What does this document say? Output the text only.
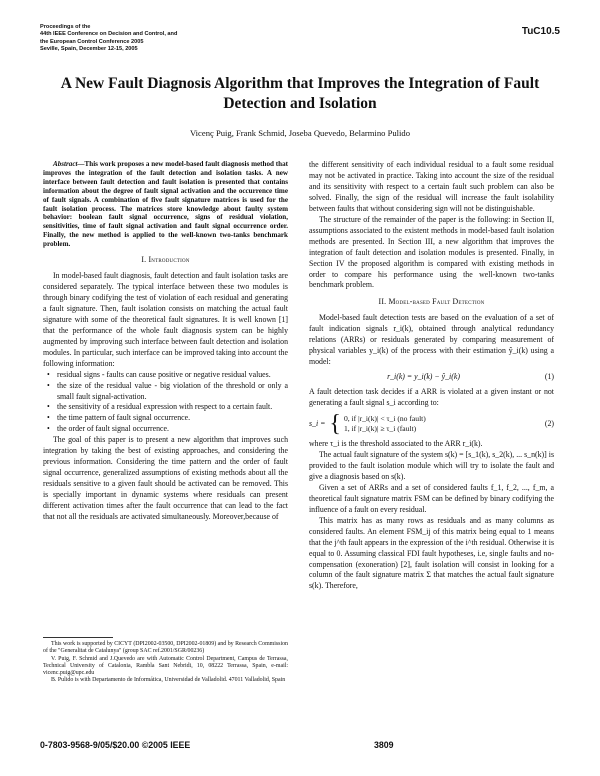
Proceedings of the
44th IEEE Conference on Decision and Control, and
the European Control Conference 2005
Seville, Spain, December 12-15, 2005
TuC10.5
A New Fault Diagnosis Algorithm that Improves the Integration of Fault Detection and Isolation
Vicenç Puig, Frank Schmid, Joseba Quevedo, Belarmino Pulido

Abstract—This work proposes a new model-based fault diagnosis method that improves the integration of the fault detection and isolation tasks. A new interface between fault detection and fault isolation is presented that contains information about the degree of fault signal activation and the occurrence time of fault signals. A combination of five fault signature matrices is used for the fault isolation process. The matrices store knowledge about faulty system behavior: boolean fault signal occurrence, signs of residual violation, sensitivities, time of fault signal activation and fault signal occurrence order. Finally, the new method is applied to the well-known two-tanks benchmark problem.

I. Introduction

In model-based fault diagnosis, fault detection and fault isolation tasks are considered separately. The typical interface between these two modules is through binary codifying the test of violation of each residual and generating a fault signature. Then, fault isolation consists on matching the actual fault signature with some of the theoretical fault signatures. It is well known [1] that the performance of the whole fault diagnosis system can be highly augmented by improving such interface between fault detection and isolation modules. In particular, such interface can be improved taking into account the following information:

• residual signs - faults can cause positive or negative residual values.
• the size of the residual value - big violation of the threshold or only a small fault signal-activation.
• the sensitivity of a residual expression with respect to a certain fault.
• the time pattern of fault signal occurrence.
• the order of fault signal occurrence.

The goal of this paper is to present a new algorithm that improves such integration by taking the best of existing approaches, and considering the previous information. Considering the time pattern and the order of fault signal occurrence, generalized assumptions of existing methods about all the residuals sensitive to a given fault should be activated can be removed. This is specially important in dynamic systems where residuals can present different activation times after the fault occurrence that can lead to the fact that not all the residuals are activated simultaneously. Moreover,because of

This work is supported by CICYT (DPI2002-03500, DPI2002-01809) and by Research Commission of the "Generalitat de Catalunya" (group SAC ref.2001/SGR/00236)

V. Puig, F. Schmid and J.Quevedo are with Automatic Control Department, Campus de Terrassa, Technical University of Catalonia, Rambla Sant Nebridi, 10, 08222 Terrassa, Spain, e-mail: vicenc.puig@upc.edu

B. Pulido is with Departamento de Informática, Universidad de Valladolid. 47011 Valladolid, Spain

the different sensitivity of each individual residual to a fault some residual may not be activated in practice. Taking into account the size of the residual and its sensitivity with respect to a certain fault such problem can also be solved. Finally, the sign of the residual will increase the fault isolability between faults that without considering sign will not be distinguishable.

The structure of the remainder of the paper is the following: in Section II, assumptions associated to the existent methods in model-based fault isolation methods are presented. In Section III, a new algorithm that improves the integration of fault detection and isolation modules is presented. Finally, in Section IV the proposed algorithm is compared with existing methods in order to compare his performance using the well-known two-tanks benchmark problem.

II. Model-based Fault Detection

Model-based fault detection tests are based on the evaluation of a set of fault indication signals r_i(k), obtained through analytical redundancy relations (ARRs) or residuals generated by comparing measurement of physical variables y_i(k) of the process with their estimation ŷ_i(k) using a model:

r_i(k) = y_i(k) − ŷ_i(k)	(1)

A fault detection task decides if a ARR is violated at a given instant or not generating a fault signal s_i according to:

s_i = { 0, if |r_i(k)| < τ_i (no fault)
1, if |r_i(k)| ≥ τ_i (fault)
(2)

where τ_i is the threshold associated to the ARR r_i(k).

The actual fault signature of the system s(k) = [s_1(k), s_2(k), ... s_n(k)] is provided to the fault isolation module which will try to isolate the fault and give a diagnosis based on s(k).

Given a set of ARRs and a set of considered faults f_1, f_2, ..., f_m, a theoretical fault signature matrix FSM can be defined by binary codifying the influence of a fault on every residual.

This matrix has as many rows as residuals and as many columns as considered faults. An element FSM_ij of this matrix being equal to 1 means that the j^th fault appears in the expression of the i^th residual. Otherwise it is equal to 0. Assuming classical FDI fault hypotheses, i.e, single faults and no-compensation (exoneration) [2], fault isolation will consist in looking for a column of the fault signature matrix Σ that matches the actual fault signature s(k). Therefore,

0-7803-9568-9/05/$20.00 ©2005 IEEE	3809
